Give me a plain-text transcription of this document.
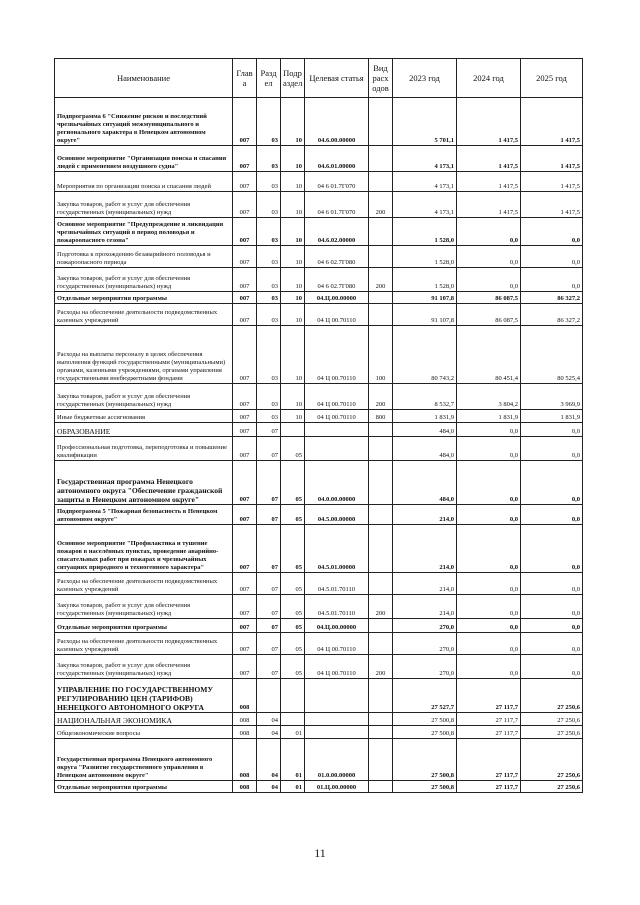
Наименование	Глав а	Разд ел	Подр аздел	Целевая статья	Вид расх одов	2023 год	2024 год	2025 год
Подпрограмма 6 "Снижение рисков и последствий чрезвычайных ситуаций межмуниципального и регионального характера в Ненецком автономном округе"	007	03	10	04.6.00.00000		5 701,1	1 417,5	1 417,5
Основное мероприятие "Организация поиска и спасания людей с применением воздушного судна"	007	03	10	04.6.01.00000		4 173,1	1 417,5	1 417,5
Мероприятия по организации поиска и спасания людей	007	03	10	04 6 01.7Г070		4 173,1	1 417,5	1 417,5
Закупка товаров, работ и услуг для обеспечения государственных (муниципальных) нужд	007	03	10	04 6 01.7Г070	200	4 173,1	1 417,5	1 417,5
Основное мероприятие "Предупреждение и ликвидация чрезвычайных ситуаций в период половодья и пожароопасного сезона"	007	03	10	04.6.02.00000		1 528,0	0,0	0,0
Подготовка к прохождению безаварийного половодья и пожароопасного периода	007	03	10	04 6 02.7Г080		1 528,0	0,0	0,0
Закупка товаров, работ и услуг для обеспечения государственных (муниципальных) нужд	007	03	10	04 6 02.7Г080	200	1 528,0	0,0	0,0
Отдельные мероприятия программы	007	03	10	04.Ц.00.00000		91 107,8	86 087,5	86 327,2
Расходы на обеспечение деятельности подведомственных казенных учреждений	007	03	10	04 Ц 00.70110		91 107,8	86 087,5	86 327,2
Расходы на выплаты персоналу в целях обеспечения выполнения функций государственными (муниципальными) органами, казенными учреждениями, органами управления государственными внебюджетными фондами	007	03	10	04 Ц 00.70110	100	80 743,2	80 451,4	80 525,4
Закупка товаров, работ и услуг для обеспечения государственных (муниципальных) нужд	007	03	10	04 Ц 00.70110	200	8 532,7	3 804,2	3 969,9
Иные бюджетные ассигнования	007	03	10	04 Ц 00.70110	800	1 831,9	1 831,9	1 831,9
ОБРАЗОВАНИЕ	007	07				484,0	0,0	0,0
Профессиональная подготовка, переподготовка и повышение квалификации	007	07	05			484,0	0,0	0,0
Государственная программа Ненецкого автономного округа "Обеспечение гражданской защиты в Ненецком автономном округе"	007	07	05	04.0.00.00000		484,0	0,0	0,0
Подпрограмма 5 "Пожарная безопасность в Ненецком автономном округе"	007	07	05	04.5.00.00000		214,0	0,0	0,0
Основное мероприятие "Профилактика и тушение пожаров в населённых пунктах, проведение аварийно-спасательных работ при пожарах и чрезвычайных ситуациях природного и техногенного характера"	007	07	05	04.5.01.00000		214,0	0,0	0,0
Расходы на обеспечение деятельности подведомственных казенных учреждений	007	07	05	04.5.01.70110		214,0	0,0	0,0
Закупка товаров, работ и услуг для обеспечения государственных (муниципальных) нужд	007	07	05	04.5.01.70110	200	214,0	0,0	0,0
Отдельные мероприятия программы	007	07	05	04.Ц.00.00000		270,0	0,0	0,0
Расходы на обеспечение деятельности подведомственных казенных учреждений	007	07	05	04 Ц 00.70110		270,0	0,0	0,0
Закупка товаров, работ и услуг для обеспечения государственных (муниципальных) нужд	007	07	05	04 Ц 00.70110	200	270,0	0,0	0,0
УПРАВЛЕНИЕ ПО ГОСУДАРСТВЕННОМУ РЕГУЛИРОВАНИЮ ЦЕН (ТАРИФОВ) НЕНЕЦКОГО АВТОНОМНОГО ОКРУГА	008					27 527,7	27 117,7	27 250,6
НАЦИОНАЛЬНАЯ ЭКОНОМИКА	008	04				27 500,8	27 117,7	27 250,6
Общеэкономические вопросы	008	04	01			27 500,8	27 117,7	27 250,6
Государственная программа Ненецкого автономного округа "Развитие государственного управления в Ненецком автономном округе"	008	04	01	01.0.00.00000		27 500,8	27 117,7	27 250,6
Отдельные мероприятия программы	008	04	01	01.Ц.00.00000		27 500,8	27 117,7	27 250,6
11
